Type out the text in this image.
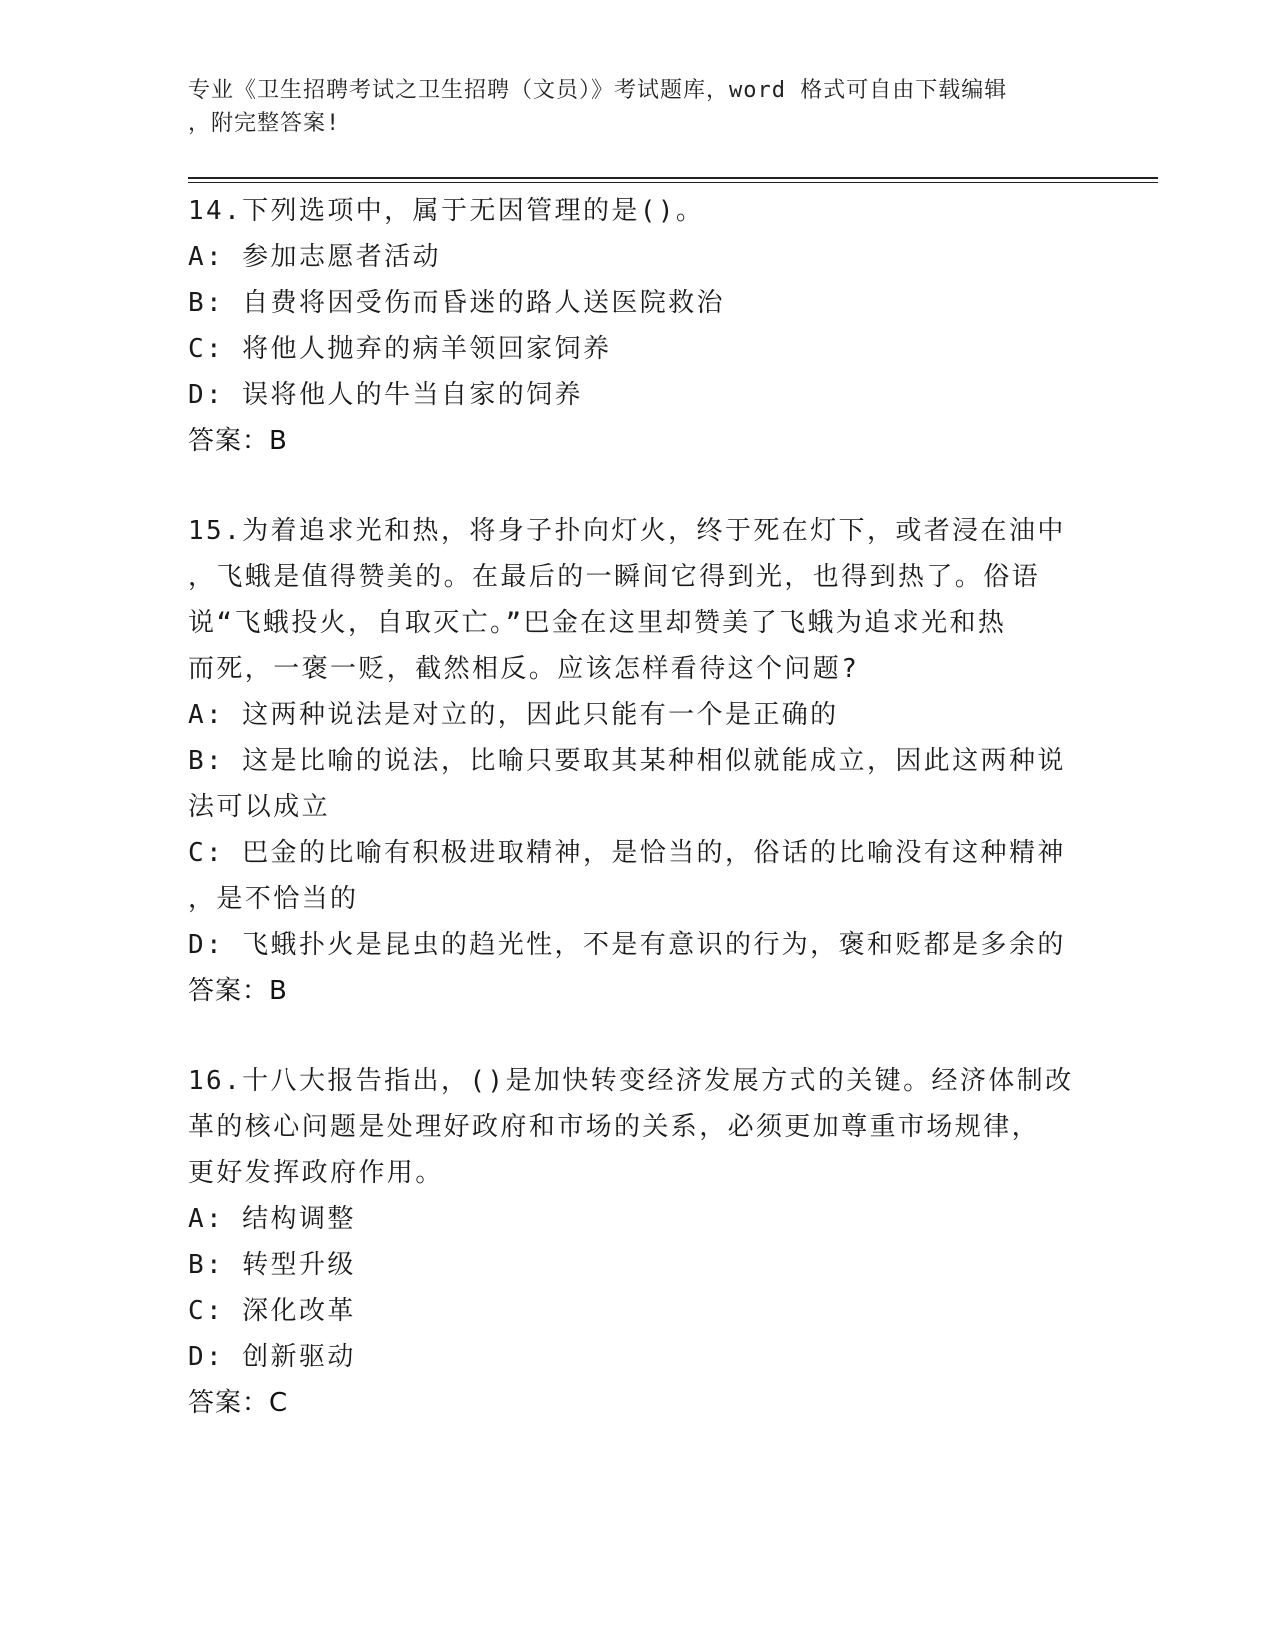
专业《卫生招聘考试之卫生招聘（文员）》考试题库，word 格式可自由下载编辑
，附完整答案!
14.下列选项中，属于无因管理的是()。
A: 参加志愿者活动
B: 自费将因受伤而昏迷的路人送医院救治
C: 将他人抛弃的病羊领回家饲养
D: 误将他人的牛当自家的饲养
答案：B
15.为着追求光和热，将身子扑向灯火，终于死在灯下，或者浸在油中
，飞蛾是值得赞美的。在最后的一瞬间它得到光，也得到热了。俗语
说“飞蛾投火，自取灭亡。”巴金在这里却赞美了飞蛾为追求光和热
而死，一褒一贬，截然相反。应该怎样看待这个问题?
A: 这两种说法是对立的，因此只能有一个是正确的
B: 这是比喻的说法，比喻只要取其某种相似就能成立，因此这两种说
法可以成立
C: 巴金的比喻有积极进取精神，是恰当的，俗话的比喻没有这种精神
，是不恰当的
D: 飞蛾扑火是昆虫的趋光性，不是有意识的行为，褒和贬都是多余的
答案：B
16.十八大报告指出，()是加快转变经济发展方式的关键。经济体制改
革的核心问题是处理好政府和市场的关系，必须更加尊重市场规律，
更好发挥政府作用。
A: 结构调整
B: 转型升级
C: 深化改革
D: 创新驱动
答案：C
